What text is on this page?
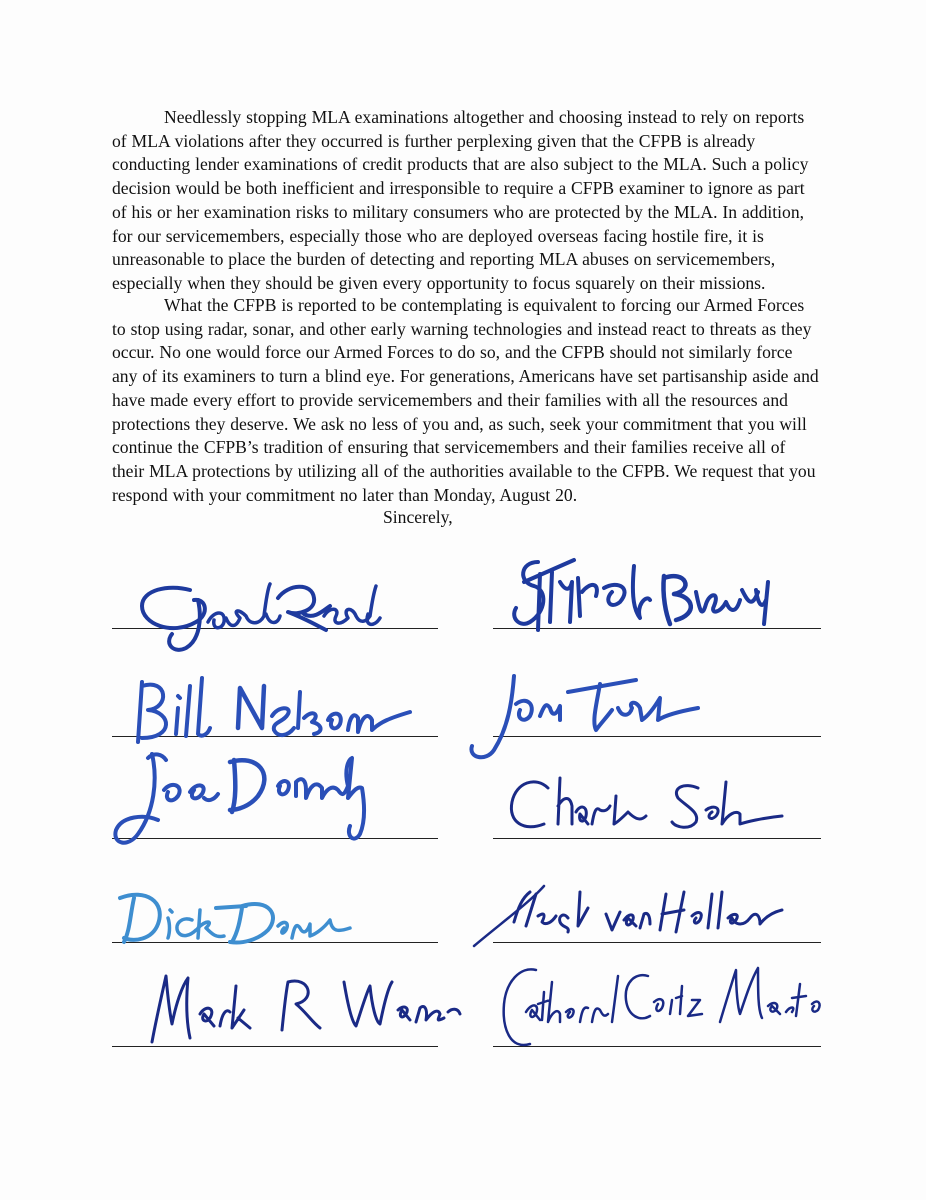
Needlessly stopping MLA examinations altogether and choosing instead to rely on reports of MLA violations after they occurred is further perplexing given that the CFPB is already conducting lender examinations of credit products that are also subject to the MLA. Such a policy decision would be both inefficient and irresponsible to require a CFPB examiner to ignore as part of his or her examination risks to military consumers who are protected by the MLA. In addition, for our servicemembers, especially those who are deployed overseas facing hostile fire, it is unreasonable to place the burden of detecting and reporting MLA abuses on servicemembers, especially when they should be given every opportunity to focus squarely on their missions.

What the CFPB is reported to be contemplating is equivalent to forcing our Armed Forces to stop using radar, sonar, and other early warning technologies and instead react to threats as they occur. No one would force our Armed Forces to do so, and the CFPB should not similarly force any of its examiners to turn a blind eye. For generations, Americans have set partisanship aside and have made every effort to provide servicemembers and their families with all the resources and protections they deserve. We ask no less of you and, as such, seek your commitment that you will continue the CFPB’s tradition of ensuring that servicemembers and their families receive all of their MLA protections by utilizing all of the authorities available to the CFPB. We request that you respond with your commitment no later than Monday, August 20.

Sincerely,
